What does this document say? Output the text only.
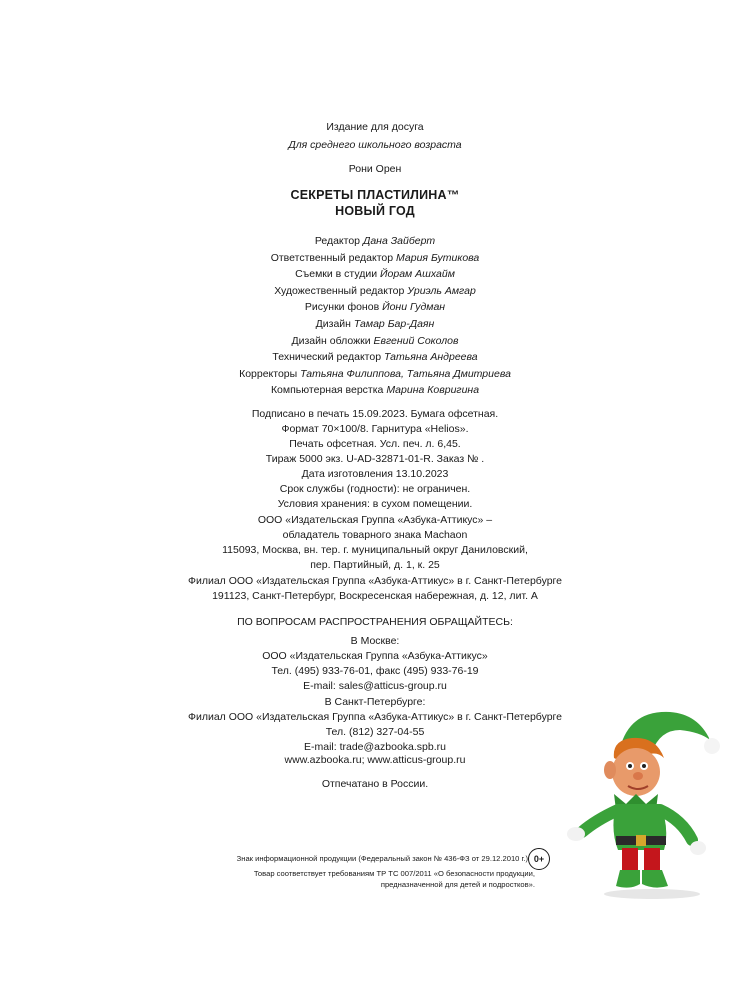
Издание для досуга
Для среднего школьного возраста
Рони Орен
СЕКРЕТЫ ПЛАСТИЛИНА™
НОВЫЙ ГОД
Редактор Дана Зайберт
Ответственный редактор Мария Бутикова
Съемки в студии Йорам Ашхайм
Художественный редактор Уриэль Амгар
Рисунки фонов Йони Гудман
Дизайн Тамар Бар-Даян
Дизайн обложки Евгений Соколов
Технический редактор Татьяна Андреева
Корректоры Татьяна Филиппова, Татьяна Дмитриева
Компьютерная верстка Марина Ковригина
Подписано в печать 15.09.2023. Бумага офсетная.
Формат 70×100/8. Гарнитура «Helios».
Печать офсетная. Усл. печ. л. 6,45.
Тираж 5000 экз. U-AD-32871-01-R. Заказ № .
Дата изготовления 13.10.2023
Срок службы (годности): не ограничен.
Условия хранения: в сухом помещении.
ООО «Издательская Группа «Азбука-Аттикус» –
обладатель товарного знака Machaon
115093, Москва, вн. тер. г. муниципальный округ Даниловский,
пер. Партийный, д. 1, к. 25
Филиал ООО «Издательская Группа «Азбука-Аттикус» в г. Санкт-Петербурге
191123, Санкт-Петербург, Воскресенская набережная, д. 12, лит. А
ПО ВОПРОСАМ РАСПРОСТРАНЕНИЯ ОБРАЩАЙТЕСЬ:
В Москве:
ООО «Издательская Группа «Азбука-Аттикус»
Тел. (495) 933-76-01, факс (495) 933-76-19
E-mail: sales@atticus-group.ru
В Санкт-Петербурге:
Филиал ООО «Издательская Группа «Азбука-Аттикус» в г. Санкт-Петербурге
Тел. (812) 327-04-55
E-mail: trade@azbooka.spb.ru
www.azbooka.ru; www.atticus-group.ru
Отпечатано в России.
Знак информационной продукции (Федеральный закон № 436-ФЗ от 29.12.2010 г.) 0+
Товар соответствует требованиям ТР ТС 007/2011 «О безопасности продукции,
предназначенной для детей и подростков».
